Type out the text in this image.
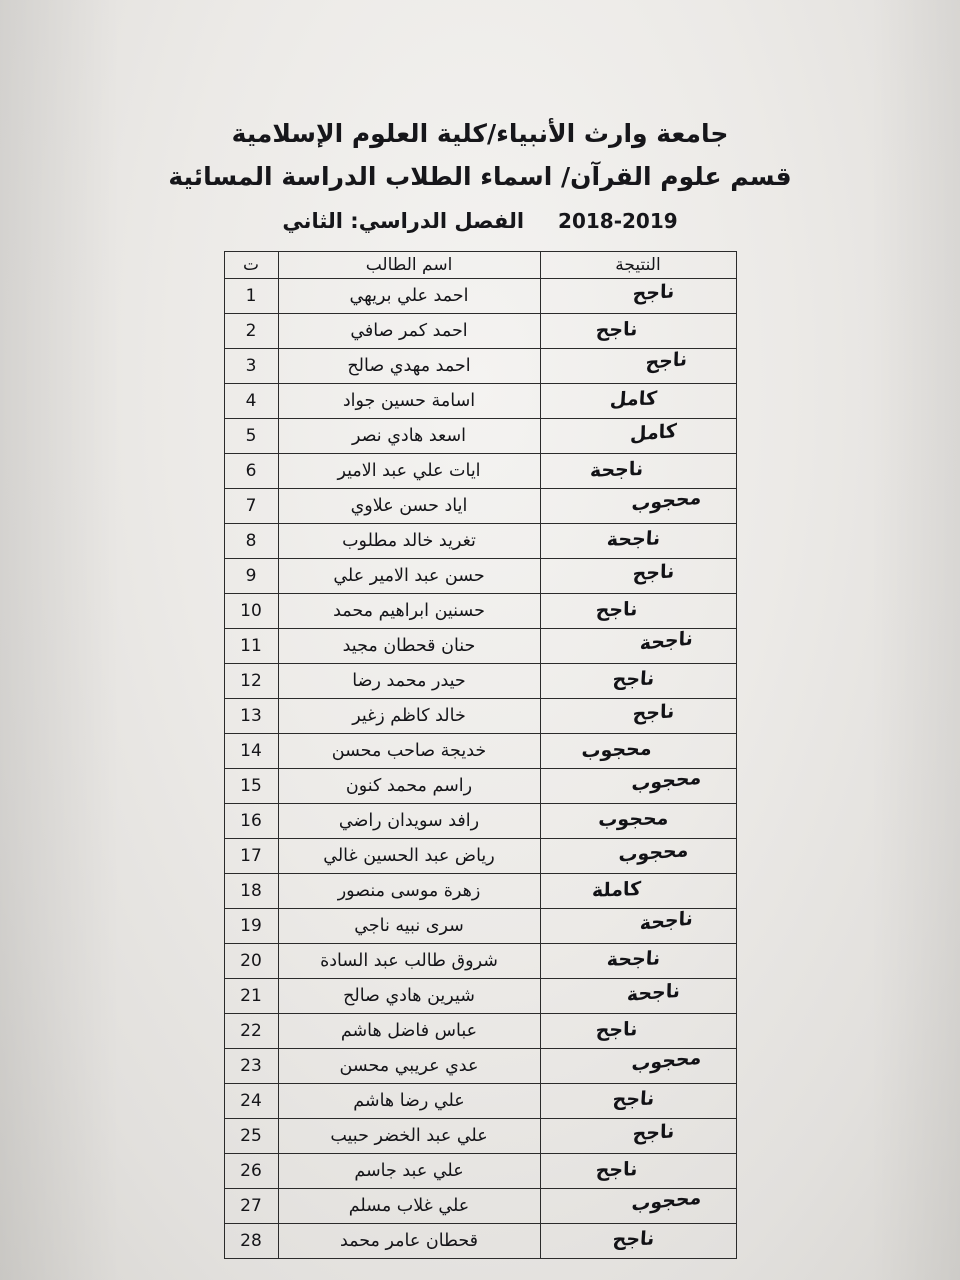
جامعة وارث الأنبياء/كلية العلوم الإسلامية
قسم علوم القرآن/ اسماء الطلاب الدراسة المسائية
2018-2019
الفصل الدراسي: الثاني
النتيجة	اسم الطالب	ت

ناجح	احمد علي بريهي	1

ناجح	احمد كمر صافي	2

ناجح	احمد مهدي صالح	3

كامل	اسامة حسين جواد	4

كامل	اسعد هادي نصر	5

ناجحة	ايات علي عبد الامير	6

محجوب	اياد حسن علاوي	7

ناجحة	تغريد خالد مطلوب	8

ناجح	حسن عبد الامير علي	9

ناجح	حسنين ابراهيم محمد	10

ناجحة	حنان قحطان مجيد	11

ناجح	حيدر محمد رضا	12

ناجح	خالد كاظم زغير	13

محجوب	خديجة صاحب محسن	14

محجوب	راسم محمد كنون	15

محجوب	رافد سويدان راضي	16

محجوب	رياض عبد الحسين غالي	17

كاملة	زهرة موسى منصور	18

ناجحة	سرى نبيه ناجي	19

ناجحة	شروق طالب عبد السادة	20

ناجحة	شيرين هادي صالح	21

ناجح	عباس فاضل هاشم	22

محجوب	عدي عريبي محسن	23

ناجح	علي رضا هاشم	24

ناجح	علي عبد الخضر حبيب	25

ناجح	علي عبد جاسم	26

محجوب	علي غلاب مسلم	27

ناجح	قحطان عامر محمد	28
